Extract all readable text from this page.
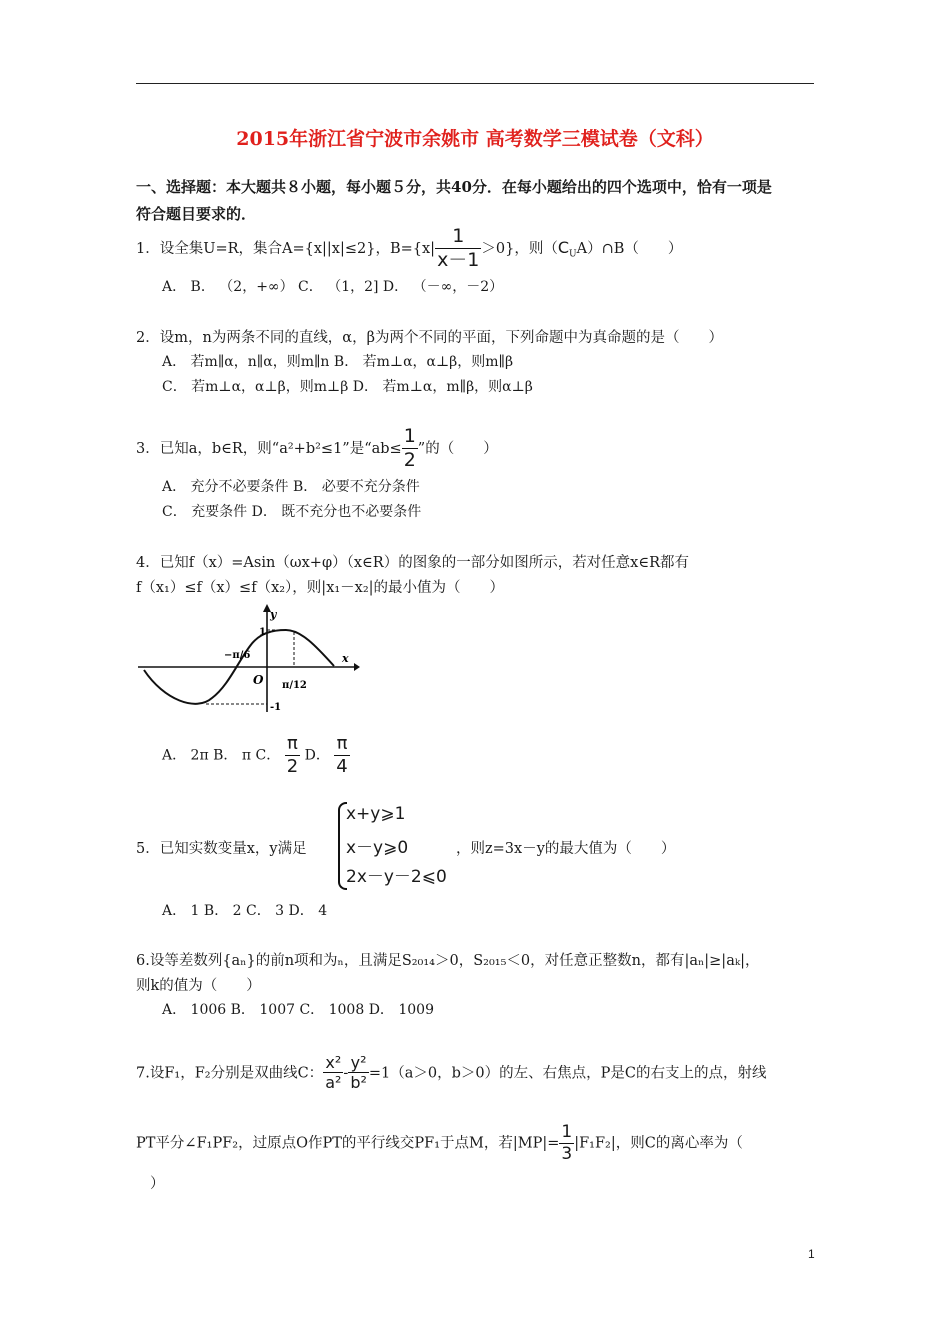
2015年浙江省宁波市余姚市 高考数学三模试卷（文科）
一、选择题：本大题共８小题，每小题５分，共40分．在每小题给出的四个选项中，恰有一项是
符合题目要求的．
1．设全集U=R，集合A={x||x|≤2}，$B=\{x| \frac{1}{x-1} >0\}$，则$(C_UA)\cap B$（　　）
A． B． （2，+∞） C． （1，2] D． （－∞，－2）
2．设m，n为两条不同的直线，α，β为两个不同的平面，下列命题中为真命题的是（　　）
A． 若m∥α，n∥α，则m∥n B． 若m⊥α，α⊥β，则m∥β
C． 若m⊥α，α⊥β，则m⊥β D． 若m⊥α，m∥β，则α⊥β
3．已知a，b∈R，则“a²+b²≤1”是“$ab\le \frac{1}{2}$ ”的（　　）
A． 充分不必要条件 B． 必要不充分条件
C． 充要条件 D． 既不充分也不必要条件
4．已知f（x）=Asin（ωx+φ）（x∈R）的图象的一部分如图所示，若对任意x∈R都有
f（x₁）≤f（x）≤f（x₂），则|x₁－x₂|的最小值为（　　）
y
x
O
1
-1
−π/6
π/12
A． 2π B． π C． $\frac{\pi}{2}$ D． $\frac{\pi}{4}$
5．已知实数变量x，y满足
x+y⩾1
x－y⩾0
2x－y－2⩽0
，则z=3x－y的最大值为（　　）
A． 1 B． 2 C． 3 D． 4
6.设等差数列{aₙ}的前n项和为ₙ，且满足S₂₀₁₄＞0，S₂₀₁₅＜0，对任意正整数n，都有|aₙ|≥|aₖ|，
则k的值为（　　）
A． 1006 B． 1007 C． 1008 D． 1009
7.设F₁，F₂分别是双曲线C： $\frac{\text{x²}}{\text{a²}} - \frac{\text{y²}}{\text{b²}} =1(a>0$，b＞0）的左、右焦点，P是C的右支上的点，射线
PT平分∠F₁PF₂，过原点O作PT的平行线交PF₁于点M，若$|MP|= \frac{1}{3} |F_1F_2|$，则C的离心率为（
）
1
